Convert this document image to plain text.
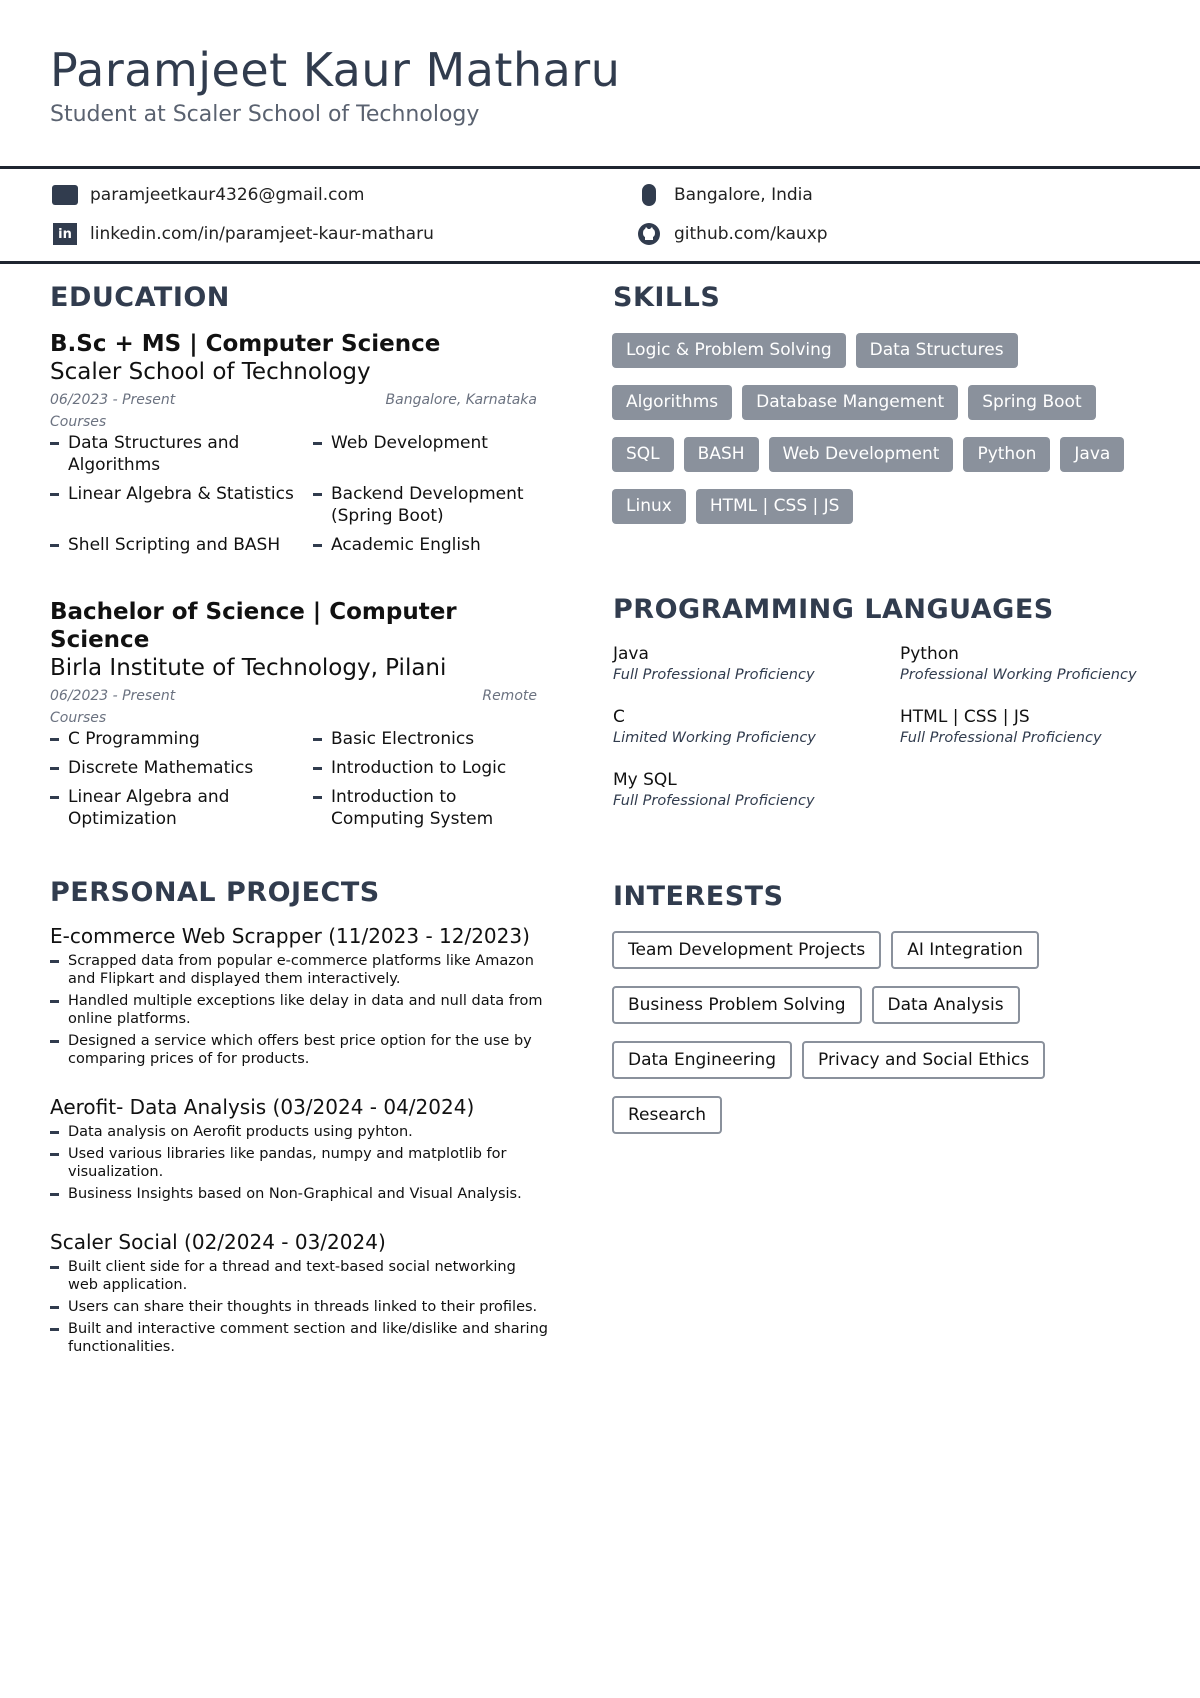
Paramjeet Kaur Matharu
Student at Scaler School of Technology
paramjeetkaur4326@gmail.com	Bangalore, India
in	linkedin.com/in/paramjeet-kaur-matharu	github.com/kauxp
EDUCATION
B.Sc + MS | Computer Science
Scaler School of Technology
06/2023 - Present	Bangalore, Karnataka
Courses
Data Structures and Algorithms
Web Development
Linear Algebra & Statistics	Backend Development (Spring Boot)
Shell Scripting and BASH	Academic English
Bachelor of Science | Computer Science
Birla Institute of Technology, Pilani
06/2023 - Present	Remote
Courses
C Programming	Basic Electronics
Discrete Mathematics	Introduction to Logic
Linear Algebra and Optimization
Introduction to Computing System
PERSONAL PROJECTS
E-commerce Web Scrapper (11/2023 - 12/2023)
Scrapped data from popular e-commerce platforms like Amazon and Flipkart and displayed them interactively.
Handled multiple exceptions like delay in data and null data from online platforms.
Designed a service which offers best price option for the use by comparing prices of for products.
Aerofit- Data Analysis (03/2024 - 04/2024)
Data analysis on Aerofit products using pyhton.
Used various libraries like pandas, numpy and matplotlib for visualization.
Business Insights based on Non-Graphical and Visual Analysis.
Scaler Social (02/2024 - 03/2024)
Built client side for a thread and text-based social networking web application.
Users can share their thoughts in threads linked to their profiles.
Built and interactive comment section and like/dislike and sharing functionalities.
SKILLS
Logic & Problem Solving	Data Structures
Algorithms	Database Mangement	Spring Boot
SQL	BASH	Web Development	Python	Java
Linux	HTML | CSS | JS
PROGRAMMING LANGUAGES
Java
Full Professional Proficiency
Python
Professional Working Proficiency
C
Limited Working Proficiency
HTML | CSS | JS
Full Professional Proficiency
My SQL
Full Professional Proficiency
INTERESTS
Team Development Projects	AI Integration
Business Problem Solving	Data Analysis
Data Engineering	Privacy and Social Ethics
Research
